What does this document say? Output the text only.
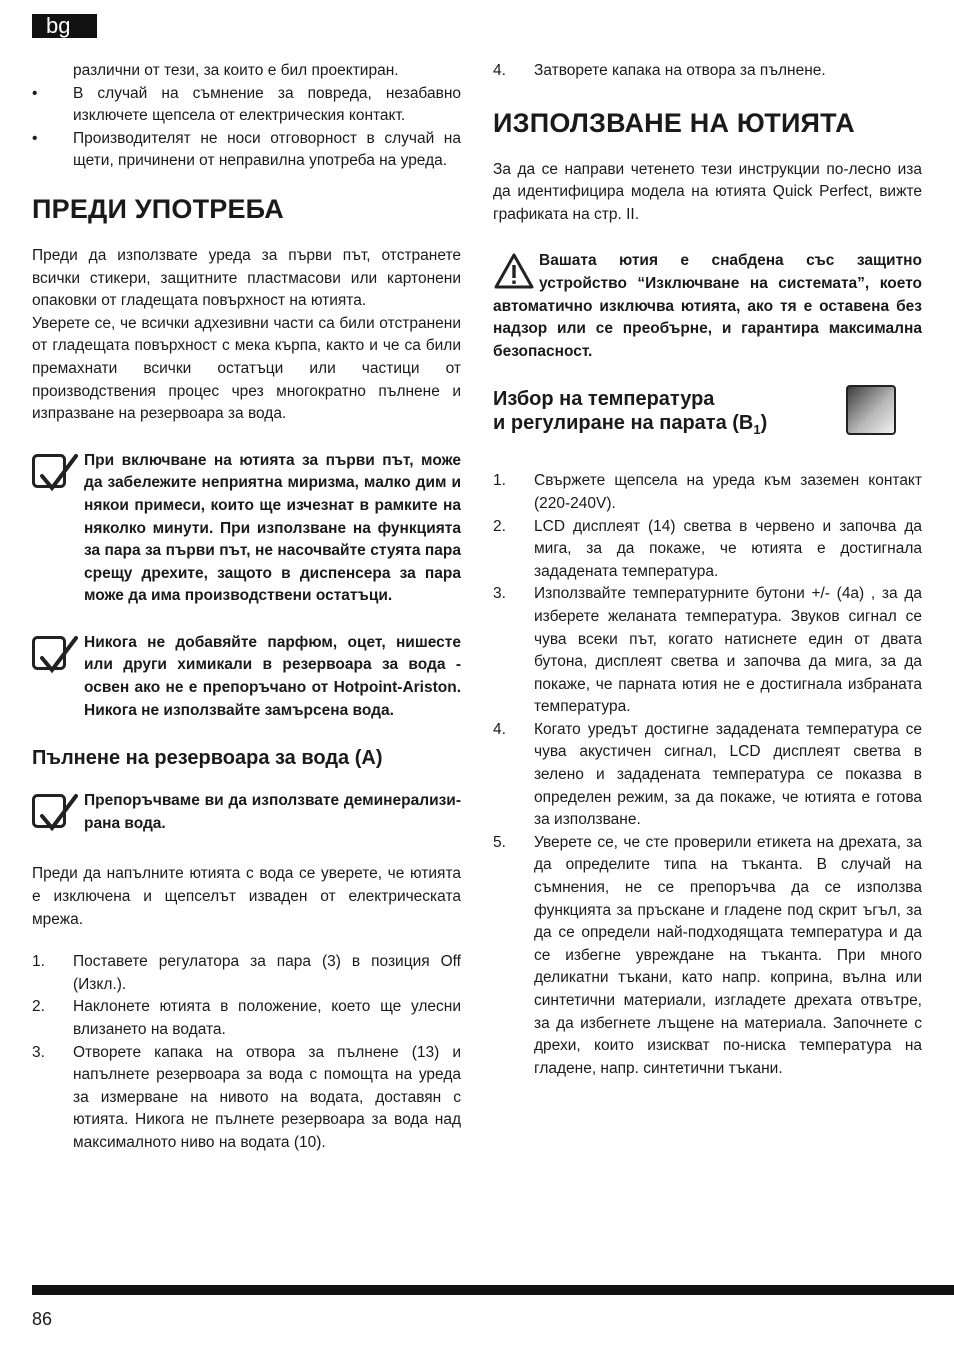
bg

различни от тези, за които е бил проектиран.

• В случай на съмнение за повреда, незабавно изключете щепсела от електрическия контакт.
• Производителят не носи отговорност в случай на щети, причинени от неправилна употреба на уреда.
ПРЕДИ УПОТРЕБА

Преди да използвате уреда за първи път, отстранете всички стикери, защитните пластмасови или картонени опаковки от гладещата повърхност на ютията.

Уверете се, че всички адхезивни части са били отстранени от гладещата повърхност с мека кърпа, както и че са били премахнати всички остатъци или частици от производствения процес чрез многократно пълнене и изпразване на резервоара за вода.

При включване на ютията за първи път, може да забележите неприятна миризма, малко дим и някои примеси, които ще изчезнат в рамките на няколко минути. При използване на функцията за пара за първи път, не насочвайте стуята пара срещу дрехите, защото в диспенсера за пара може да има производствени остатъци.
Никога не добавяйте парфюм, оцет, нишесте или други химикали в резервоара за вода - освен ако не е препоръчано от Hotpoint-Ariston. Никога не използвайте замърсена вода.
Пълнене на резервоара за вода (А)
Препоръчваме ви да използвате деминерализи-рана вода.

Преди да напълните ютията с вода се уверете, че ютията е изключена и щепселът изваден от електрическата мрежа.

1. Поставете регулатора за пара (3) в позиция Off (Изкл.).
2. Наклонете ютията в положение, което ще улесни влизането на водата.
3. Отворете капака на отвора за пълнене (13) и напълнете резервоара за вода с помощта на уреда за измерване на нивото на водата, доставян с ютията. Никога не пълнете резервоара за вода над максималното ниво на водата (10).
4. Затворете капака на отвора за пълнене.
ИЗПОЛЗВАНЕ НА ЮТИЯТА

За да се направи четенето тези инструкции по-лесно иза да идентифицира модела на ютията Quick Perfect, вижте графиката на стр. II.

Вашата ютия е снабдена със защитно устройство “Изключване на системата”, което автоматично изключва ютията, ако тя е оставена без надзор или се преобърне, и гарантира максимална безопасност.
Избор на температура
и регулиране на парата $(B_1)$
1. Свържете щепсела на уреда към заземен контакт (220-240V).
2. LCD дисплеят (14) светва в червено и започва да мига, за да покаже, че ютията е достигнала зададената температура.
3. Използвайте температурните бутони +/- (4a) , за да изберете желаната температура. Звуков сигнал се чува всеки път, когато натиснете един от двата бутона, дисплеят светва и започва да мига, за да покаже, че парната ютия не е достигнала избраната температура.
4. Когато уредът достигне зададената температура се чува акустичен сигнал, LCD дисплеят светва в зелено и зададената температура се показва в определен режим, за да покаже, че ютията е готова за използване.
5. Уверете се, че сте проверили етикета на дрехата, за да определите типа на тъканта. В случай на съмнения, не се препоръчва да се използва функцията за пръскане и гладене под скрит ъгъл, за да се определи най-подходящата температура и да се избегне увреждане на тъканта. При много деликатни тъкани, като напр. коприна, вълна или синтетични материали, изгладете дрехата отвътре, за да избегнете лъщене на материала. Започнете с дрехи, които изискват по-ниска температура на гладене, напр. синтетични тъкани.
86
